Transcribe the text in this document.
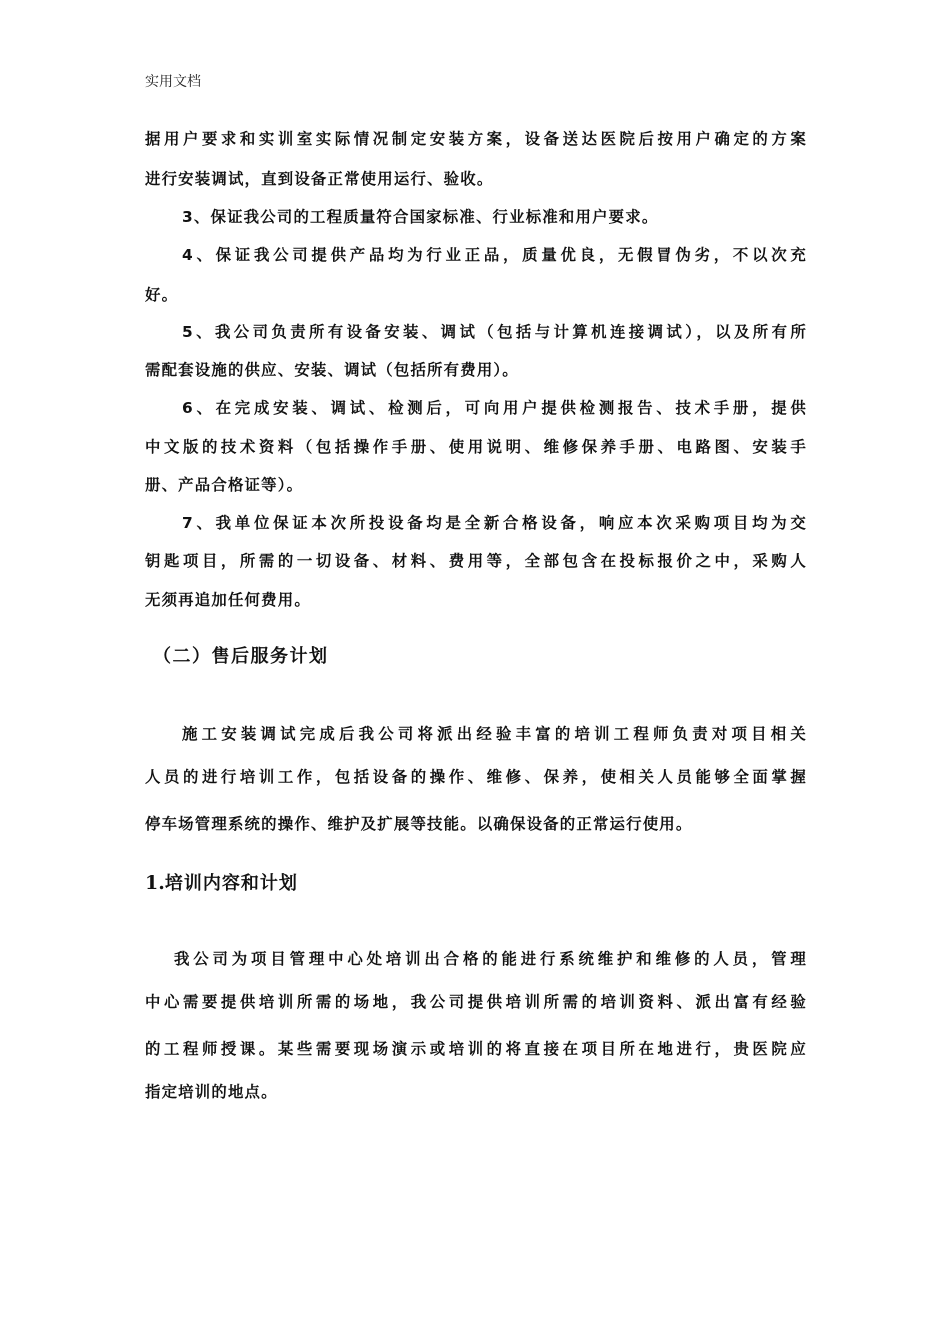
实用文档
据用户要求和实训室实际情况制定安装方案，设备送达医院后按用户确定的方案
进行安装调试，直到设备正常使用运行、验收。
3、保证我公司的工程质量符合国家标准、行业标准和用户要求。
4、保证我公司提供产品均为行业正品，质量优良，无假冒伪劣，不以次充
好。
5、我公司负责所有设备安装、调试（包括与计算机连接调试），以及所有所
需配套设施的供应、安装、调试（包括所有费用）。
6、在完成安装、调试、检测后，可向用户提供检测报告、技术手册，提供
中文版的技术资料（包括操作手册、使用说明、维修保养手册、电路图、安装手
册、产品合格证等）。
7、我单位保证本次所投设备均是全新合格设备，响应本次采购项目均为交
钥匙项目，所需的一切设备、材料、费用等，全部包含在投标报价之中，采购人
无须再追加任何费用。
（二）售后服务计划
施工安装调试完成后我公司将派出经验丰富的培训工程师负责对项目相关
人员的进行培训工作，包括设备的操作、维修、保养，使相关人员能够全面掌握
停车场管理系统的操作、维护及扩展等技能。以确保设备的正常运行使用。
1.培训内容和计划
我公司为项目管理中心处培训出合格的能进行系统维护和维修的人员，管理
中心需要提供培训所需的场地，我公司提供培训所需的培训资料、派出富有经验
的工程师授课。某些需要现场演示或培训的将直接在项目所在地进行，贵医院应
指定培训的地点。
